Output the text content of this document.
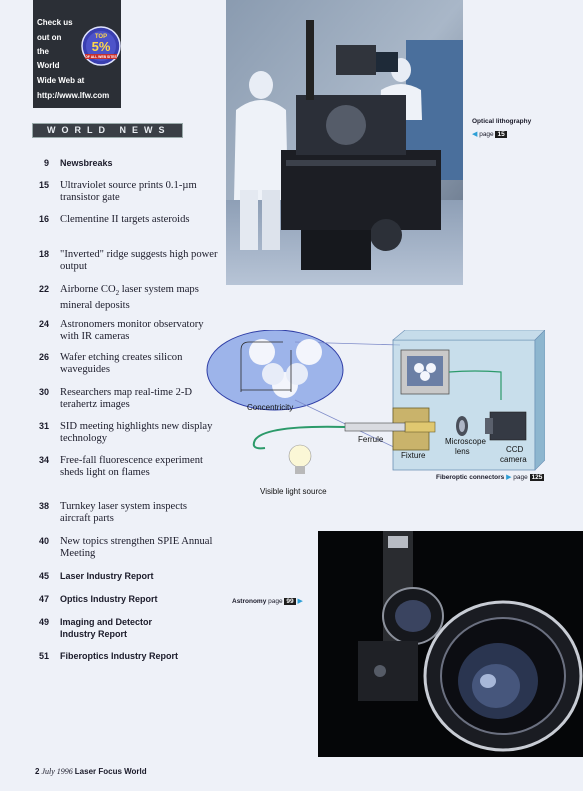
Check us
out on
the
World
Wide Web at
http://www.lfw.com
TOP
5%
OF ALL WEB SITES
WORLD NEWS
9 Newsbreaks
15 Ultraviolet source prints 0.1-µm transistor gate
16 Clementine II targets asteroids
18 "Inverted" ridge suggests high power output
22 Airborne $CO_2$ laser system maps mineral deposits
24 Astronomers monitor observatory with IR cameras
26 Wafer etching creates silicon waveguides
30 Researchers map real-time 2-D terahertz images
31 SID meeting highlights new display technology
34 Free-fall fluorescence experiment sheds light on flames
38 Turnkey laser system inspects aircraft parts
40 New topics strengthen SPIE Annual Meeting
45 Laser Industry Report
47 Optics Industry Report
49 Imaging and Detector Industry Report
51 Fiberoptics Industry Report
Optical lithography
◀ page 15
Concentricity
Ferrule
Fixture
Microscope
lens	CCD
camera
Visible light source
Fiberoptic connectors ▶ page 125
Astronomy page 99 ▶
2 July 1996 Laser Focus World
